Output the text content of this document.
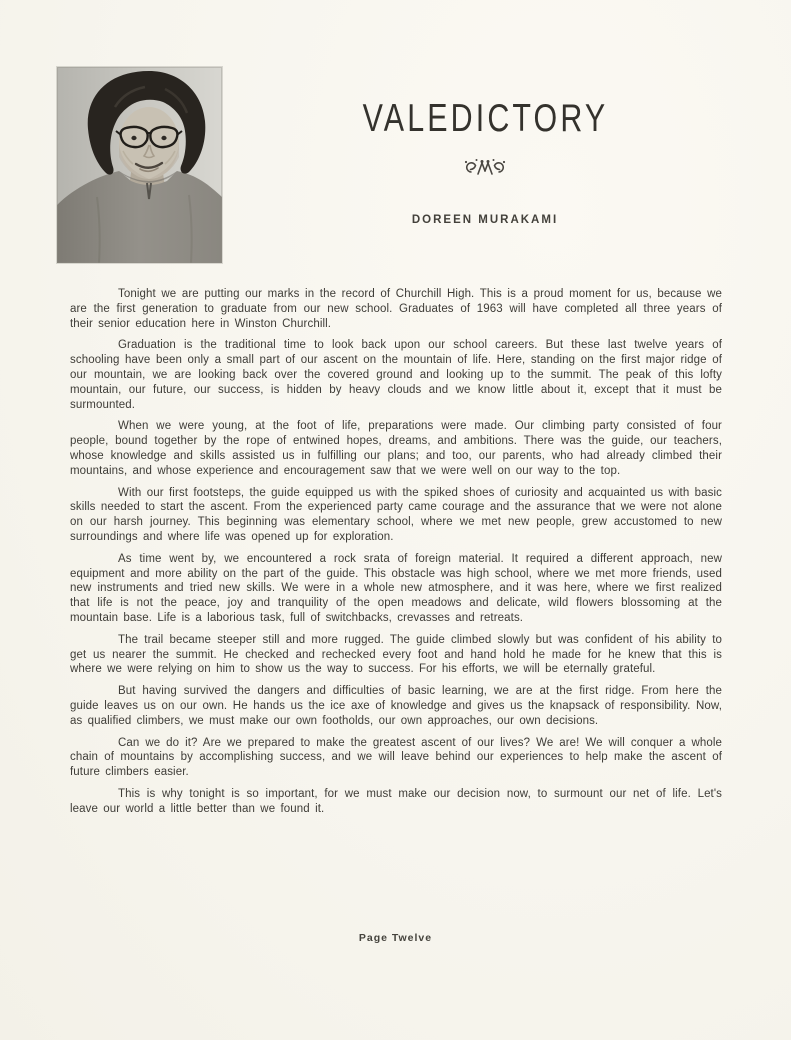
VALEDICTORY
DOREEN MURAKAMI

Tonight we are putting our marks in the record of Churchill High. This is a proud moment for us, because we are the first generation to graduate from our new school. Graduates of 1963 will have completed all three years of their senior education here in Winston Churchill.

Graduation is the traditional time to look back upon our school careers. But these last twelve years of schooling have been only a small part of our ascent on the mountain of life. Here, standing on the first major ridge of our mountain, we are looking back over the covered ground and looking up to the summit. The peak of this lofty mountain, our future, our success, is hidden by heavy clouds and we know little about it, except that it must be surmounted.

When we were young, at the foot of life, preparations were made. Our climbing party consisted of four people, bound together by the rope of entwined hopes, dreams, and ambitions. There was the guide, our teachers, whose knowledge and skills assisted us in fulfilling our plans; and too, our parents, who had already climbed their mountains, and whose experience and encouragement saw that we were well on our way to the top.

With our first footsteps, the guide equipped us with the spiked shoes of curiosity and acquainted us with basic skills needed to start the ascent. From the experienced party came courage and the assurance that we were not alone on our harsh journey. This beginning was elementary school, where we met new people, grew accustomed to new surroundings and where life was opened up for exploration.

As time went by, we encountered a rock srata of foreign material. It required a different approach, new equipment and more ability on the part of the guide. This obstacle was high school, where we met more friends, used new instruments and tried new skills. We were in a whole new atmosphere, and it was here, where we first realized that life is not the peace, joy and tranquility of the open meadows and delicate, wild flowers blossoming at the mountain base. Life is a laborious task, full of switchbacks, crevasses and retreats.

The trail became steeper still and more rugged. The guide climbed slowly but was confident of his ability to get us nearer the summit. He checked and rechecked every foot and hand hold he made for he knew that this is where we were relying on him to show us the way to success. For his efforts, we will be eternally grateful.

But having survived the dangers and difficulties of basic learning, we are at the first ridge. From here the guide leaves us on our own. He hands us the ice axe of knowledge and gives us the knapsack of responsibility. Now, as qualified climbers, we must make our own footholds, our own approaches, our own decisions.

Can we do it? Are we prepared to make the greatest ascent of our lives? We are! We will conquer a whole chain of mountains by accomplishing success, and we will leave behind our experiences to help make the ascent of future climbers easier.

This is why tonight is so important, for we must make our decision now, to surmount our net of life. Let's leave our world a little better than we found it.

Page Twelve
